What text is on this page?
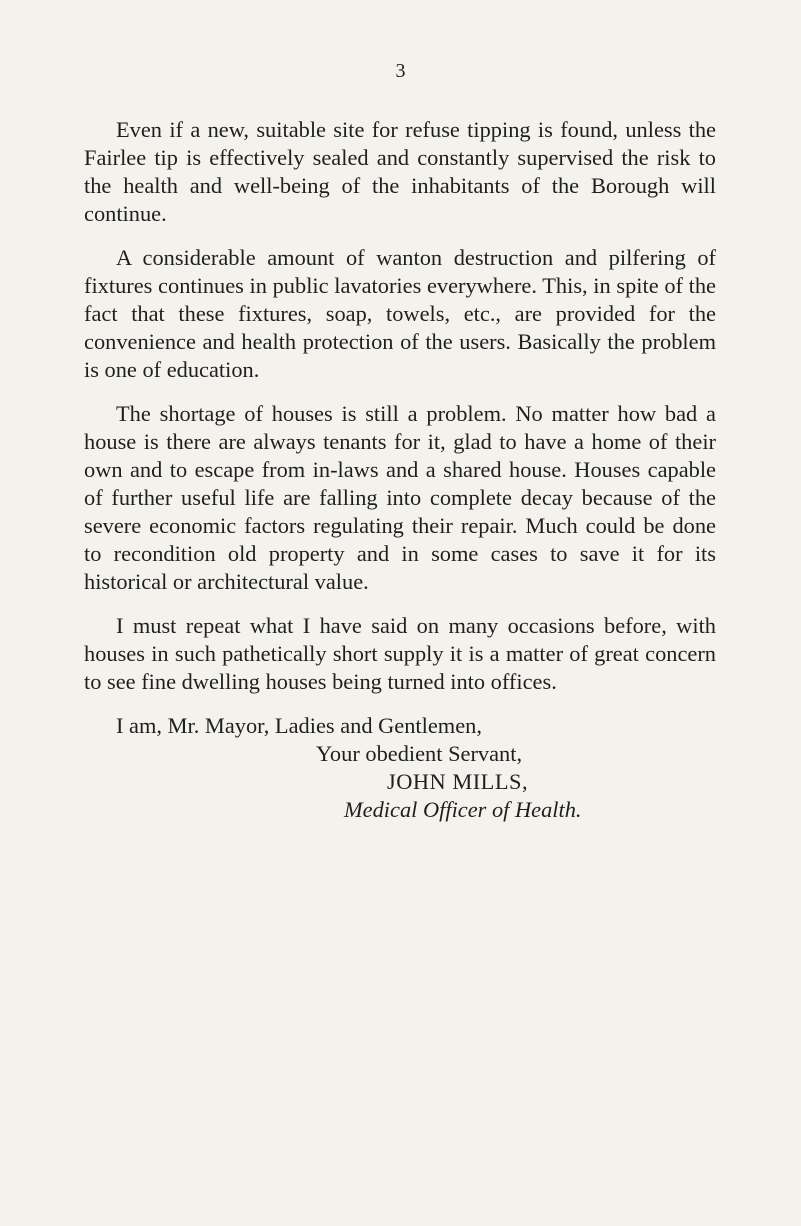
3

Even if a new, suitable site for refuse tipping is found, unless the Fairlee tip is effectively sealed and constantly supervised the risk to the health and well-being of the inhabitants of the Borough will continue.

A considerable amount of wanton destruction and pilfering of fixtures continues in public lavatories everywhere. This, in spite of the fact that these fixtures, soap, towels, etc., are provided for the convenience and health protection of the users. Basically the problem is one of education.

The shortage of houses is still a problem. No matter how bad a house is there are always tenants for it, glad to have a home of their own and to escape from in-laws and a shared house. Houses capable of further useful life are falling into complete decay because of the severe economic factors regulating their repair. Much could be done to recondition old property and in some cases to save it for its historical or architectural value.

I must repeat what I have said on many occasions before, with houses in such pathetically short supply it is a matter of great concern to see fine dwelling houses being turned into offices.

I am, Mr. Mayor, Ladies and Gentlemen,

Your obedient Servant,

JOHN MILLS,

Medical Officer of Health.
